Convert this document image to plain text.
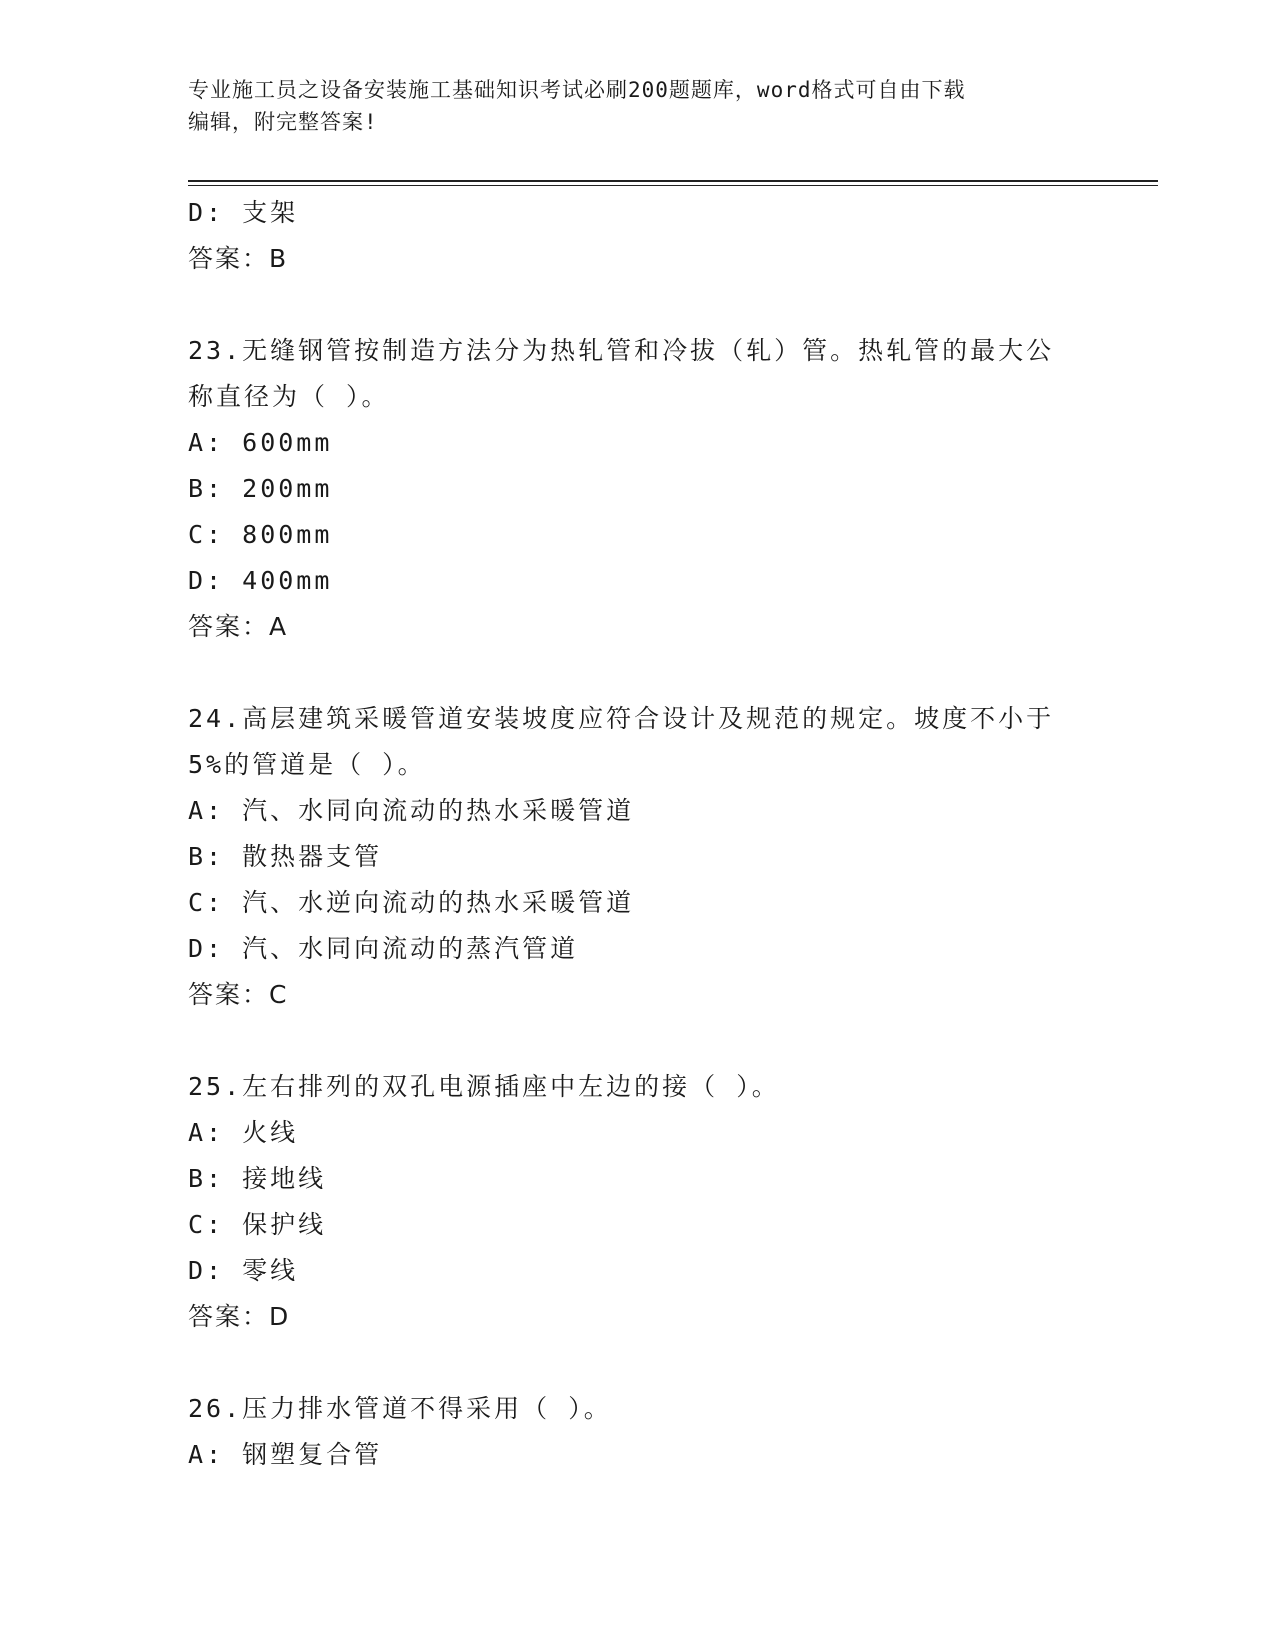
专业施工员之设备安装施工基础知识考试必刷200题题库，word格式可自由下载
编辑，附完整答案!
D: 支架
答案：B
23.无缝钢管按制造方法分为热轧管和冷拔（轧）管。热轧管的最大公
称直径为（ ）。
A: 600mm
B: 200mm
C: 800mm
D: 400mm
答案：A
24.高层建筑采暖管道安装坡度应符合设计及规范的规定。坡度不小于
5%的管道是（ ）。
A: 汽、水同向流动的热水采暖管道
B: 散热器支管
C: 汽、水逆向流动的热水采暖管道
D: 汽、水同向流动的蒸汽管道
答案：C
25.左右排列的双孔电源插座中左边的接（ ）。
A: 火线
B: 接地线
C: 保护线
D: 零线
答案：D
26.压力排水管道不得采用（ ）。
A: 钢塑复合管
